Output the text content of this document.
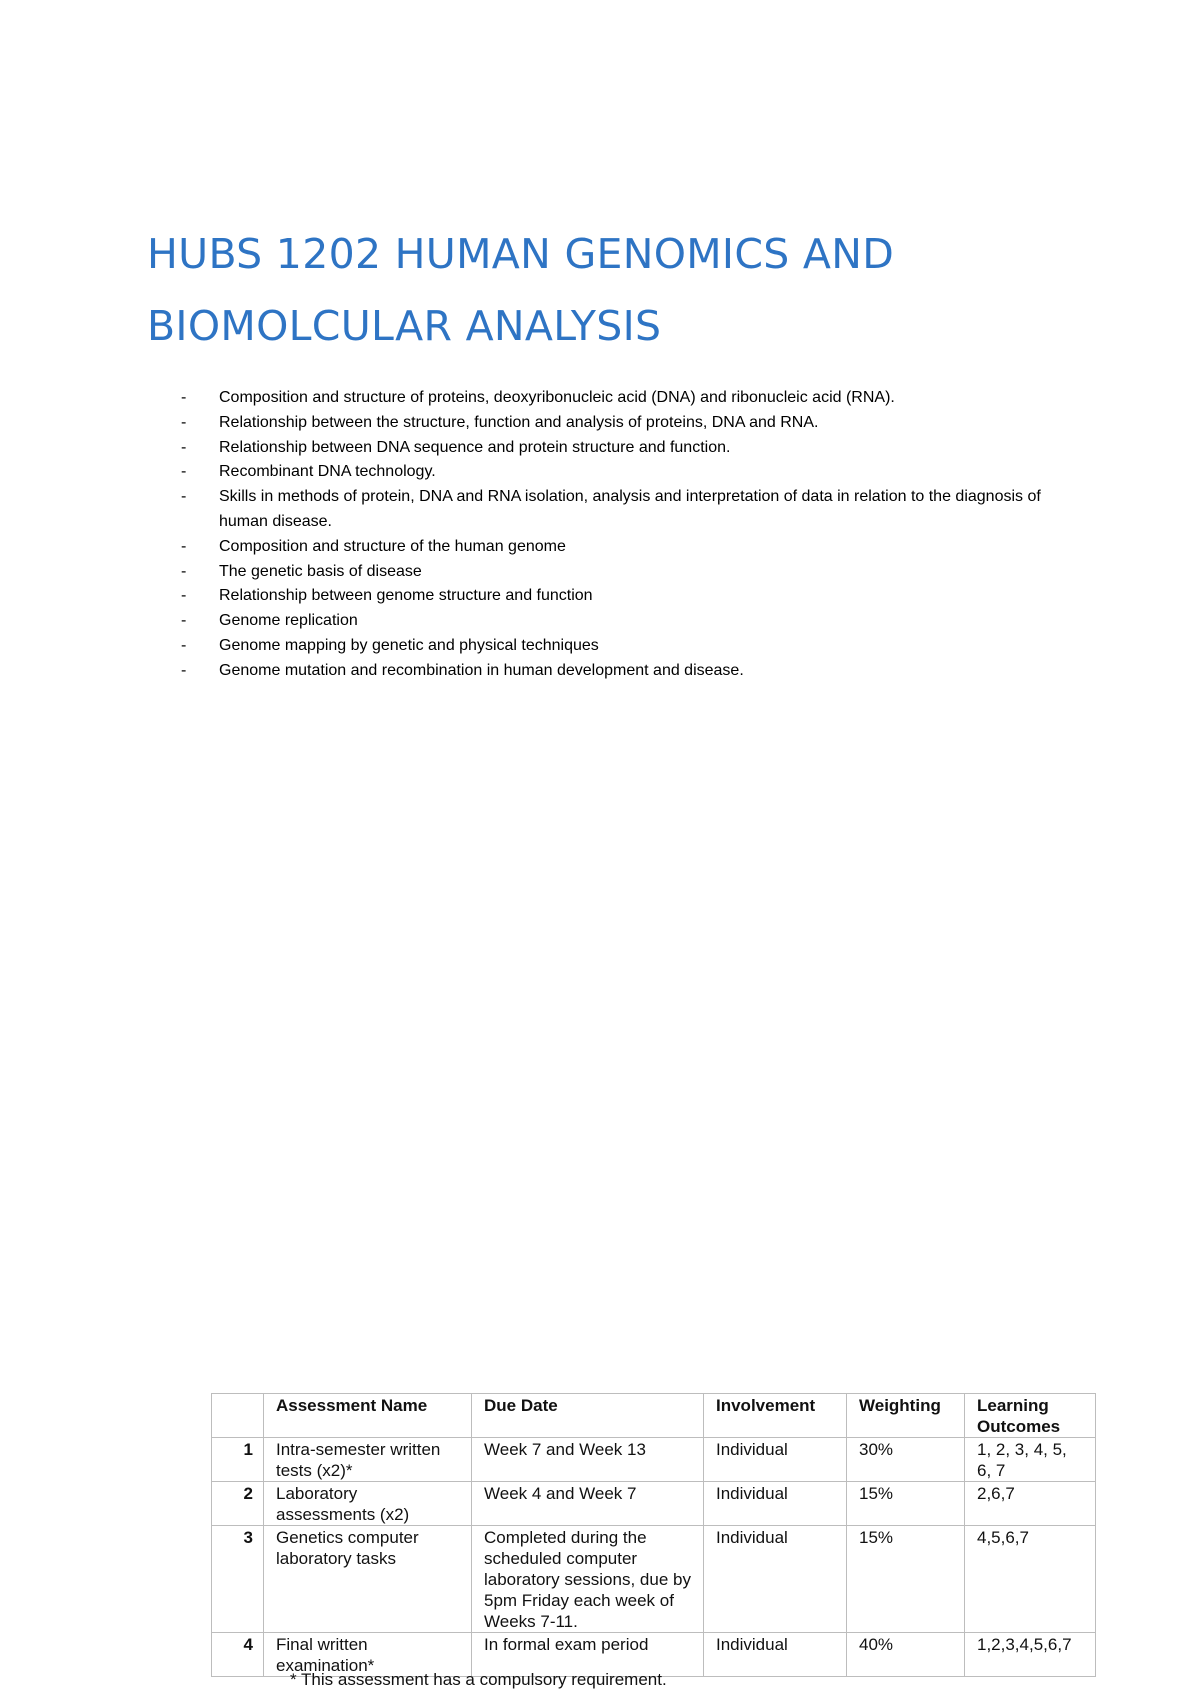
HUBS 1202 HUMAN GENOMICS AND
BIOMOLCULAR ANALYSIS
- Composition and structure of proteins, deoxyribonucleic acid (DNA) and ribonucleic acid (RNA).
- Relationship between the structure, function and analysis of proteins, DNA and RNA.
- Relationship between DNA sequence and protein structure and function.
- Recombinant DNA technology.
- Skills in methods of protein, DNA and RNA isolation, analysis and interpretation of data in relation to the diagnosis of human disease.
- Composition and structure of the human genome
- The genetic basis of disease
- Relationship between genome structure and function
- Genome replication
- Genome mapping by genetic and physical techniques
- Genome mutation and recombination in human development and disease.
	Assessment Name	Due Date	Involvement	Weighting	Learning Outcomes
1	Intra-semester written tests (x2)*	Week 7 and Week 13	Individual	30%	1, 2, 3, 4, 5, 6, 7
2	Laboratory assessments (x2)	Week 4 and Week 7	Individual	15%	2,6,7
3	Genetics computer laboratory tasks	Completed during the scheduled computer laboratory sessions, due by 5pm Friday each week of Weeks 7-11.	Individual	15%	4,5,6,7
4	Final written examination*	In formal exam period	Individual	40%	1,2,3,4,5,6,7
* This assessment has a compulsory requirement.
